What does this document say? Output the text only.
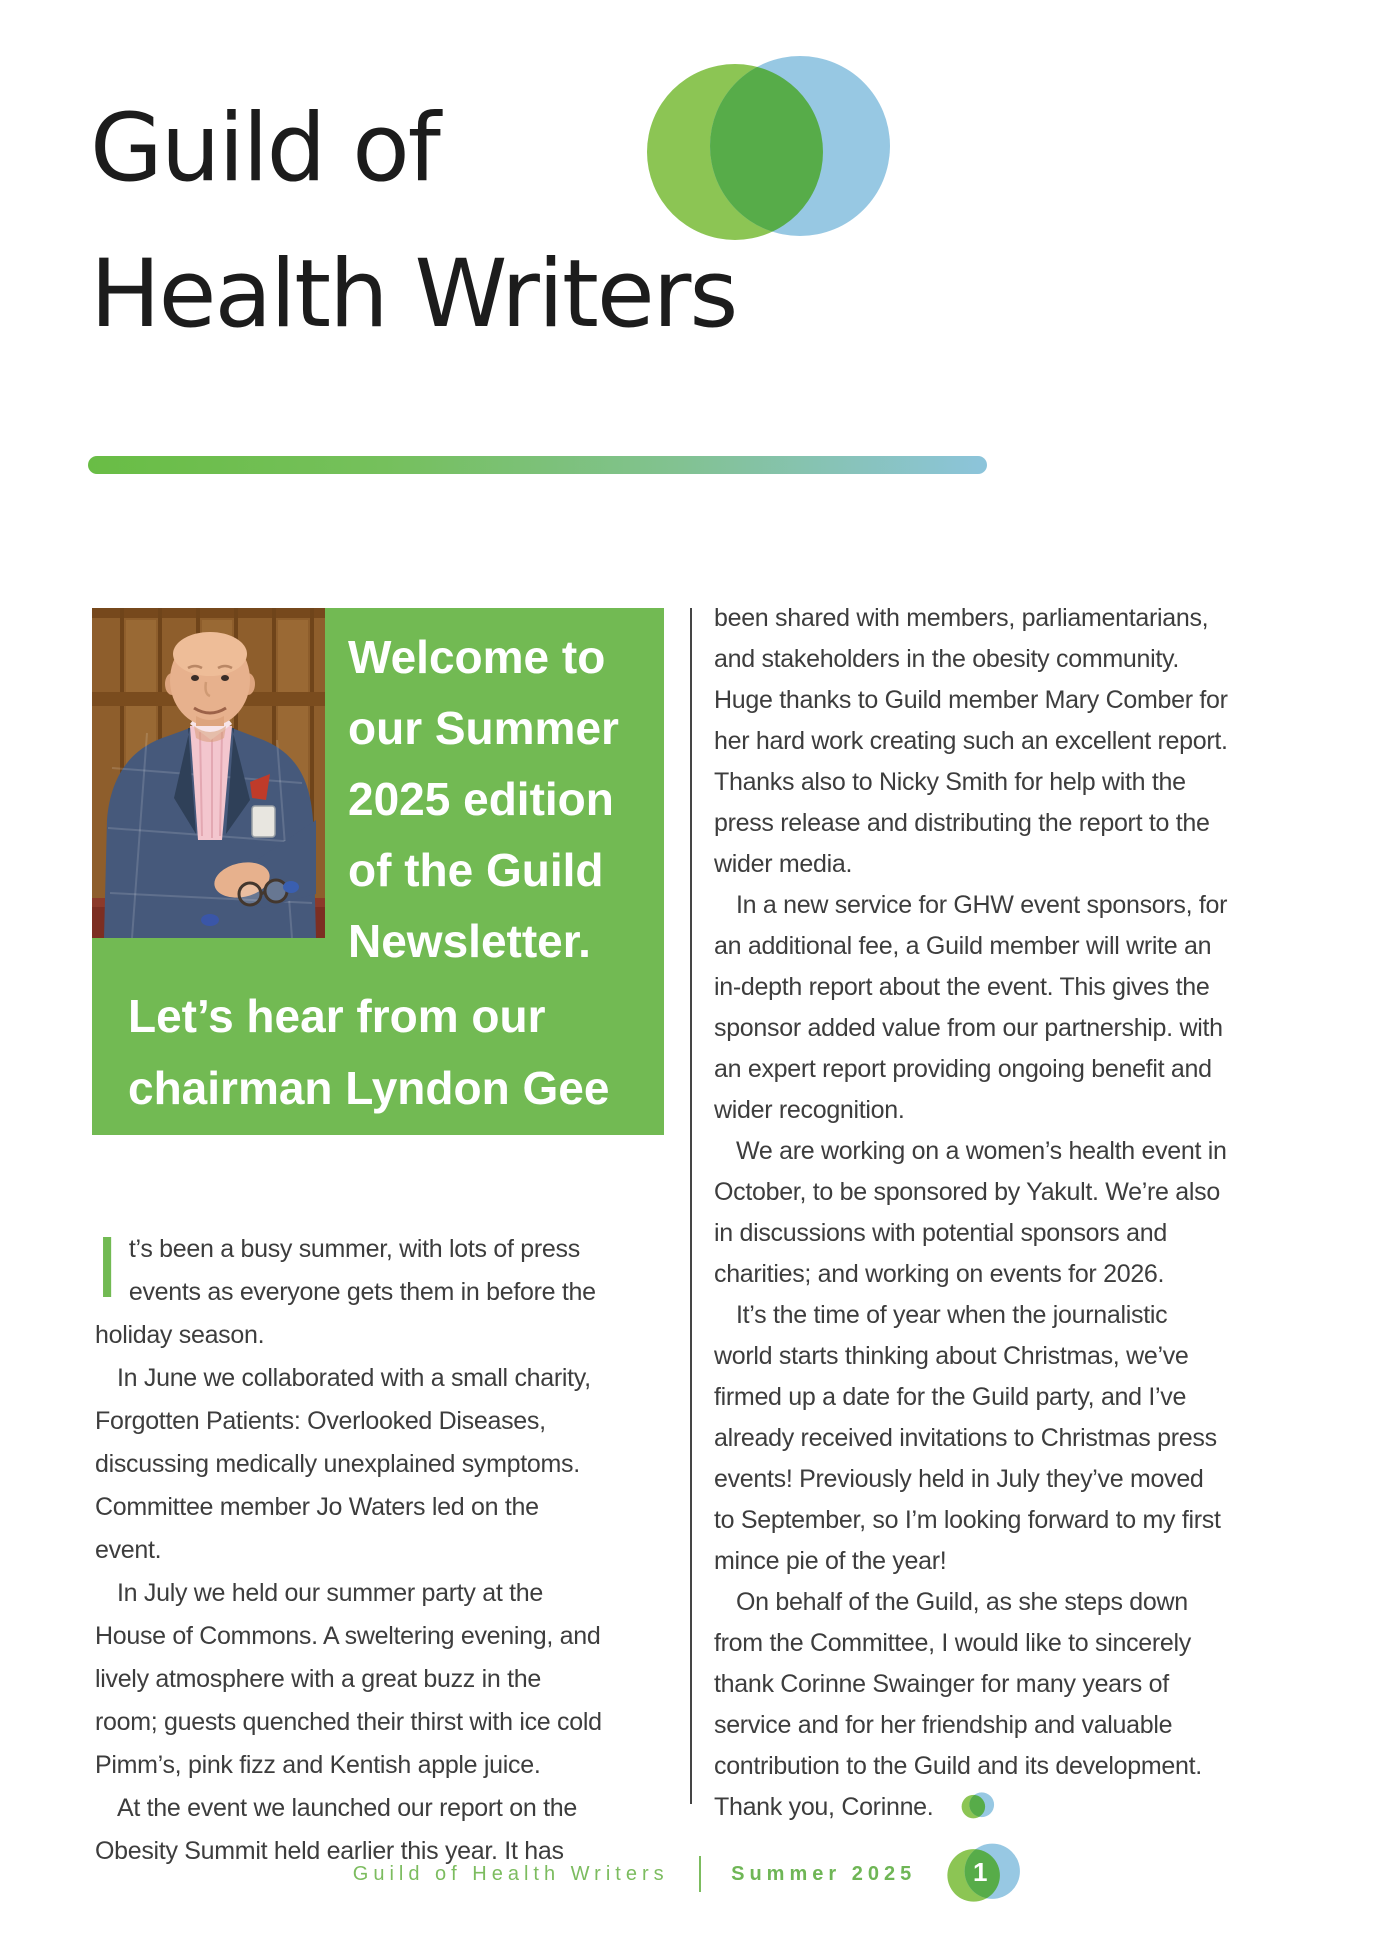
Guild of
Health Writers
Welcome to our Summer 2025 edition of the Guild Newsletter.
Let’s hear from our chairman Lyndon Gee

It’s been a busy summer, with lots of press events as everyone gets them in before the holiday season.

In June we collaborated with a small charity, Forgotten Patients: Overlooked Diseases, discussing medically unexplained symptoms. Committee member Jo Waters led on the event.

In July we held our summer party at the House of Commons. A sweltering evening, and lively atmosphere with a great buzz in the room; guests quenched their thirst with ice cold Pimm’s, pink fizz and Kentish apple juice.

At the event we launched our report on the Obesity Summit held earlier this year. It has

been shared with members, parliamentarians, and stakeholders in the obesity community. Huge thanks to Guild member Mary Comber for her hard work creating such an excellent report. Thanks also to Nicky Smith for help with the press release and distributing the report to the wider media.

In a new service for GHW event sponsors, for an additional fee, a Guild member will write an in-depth report about the event. This gives the sponsor added value from our partnership. with an expert report providing ongoing benefit and wider recognition.

We are working on a women’s health event in October, to be sponsored by Yakult. We’re also in discussions with potential sponsors and charities; and working on events for 2026.

It’s the time of year when the journalistic world starts thinking about Christmas, we’ve firmed up a date for the Guild party, and I’ve already received invitations to Christmas press events! Previously held in July they’ve moved to September, so I’m looking forward to my first mince pie of the year!

On behalf of the Guild, as she steps down from the Committee, I would like to sincerely thank Corinne Swainger for many years of service and for her friendship and valuable contribution to the Guild and its development. Thank you, Corinne.

Guild of Health Writers	Summer 2025	1
